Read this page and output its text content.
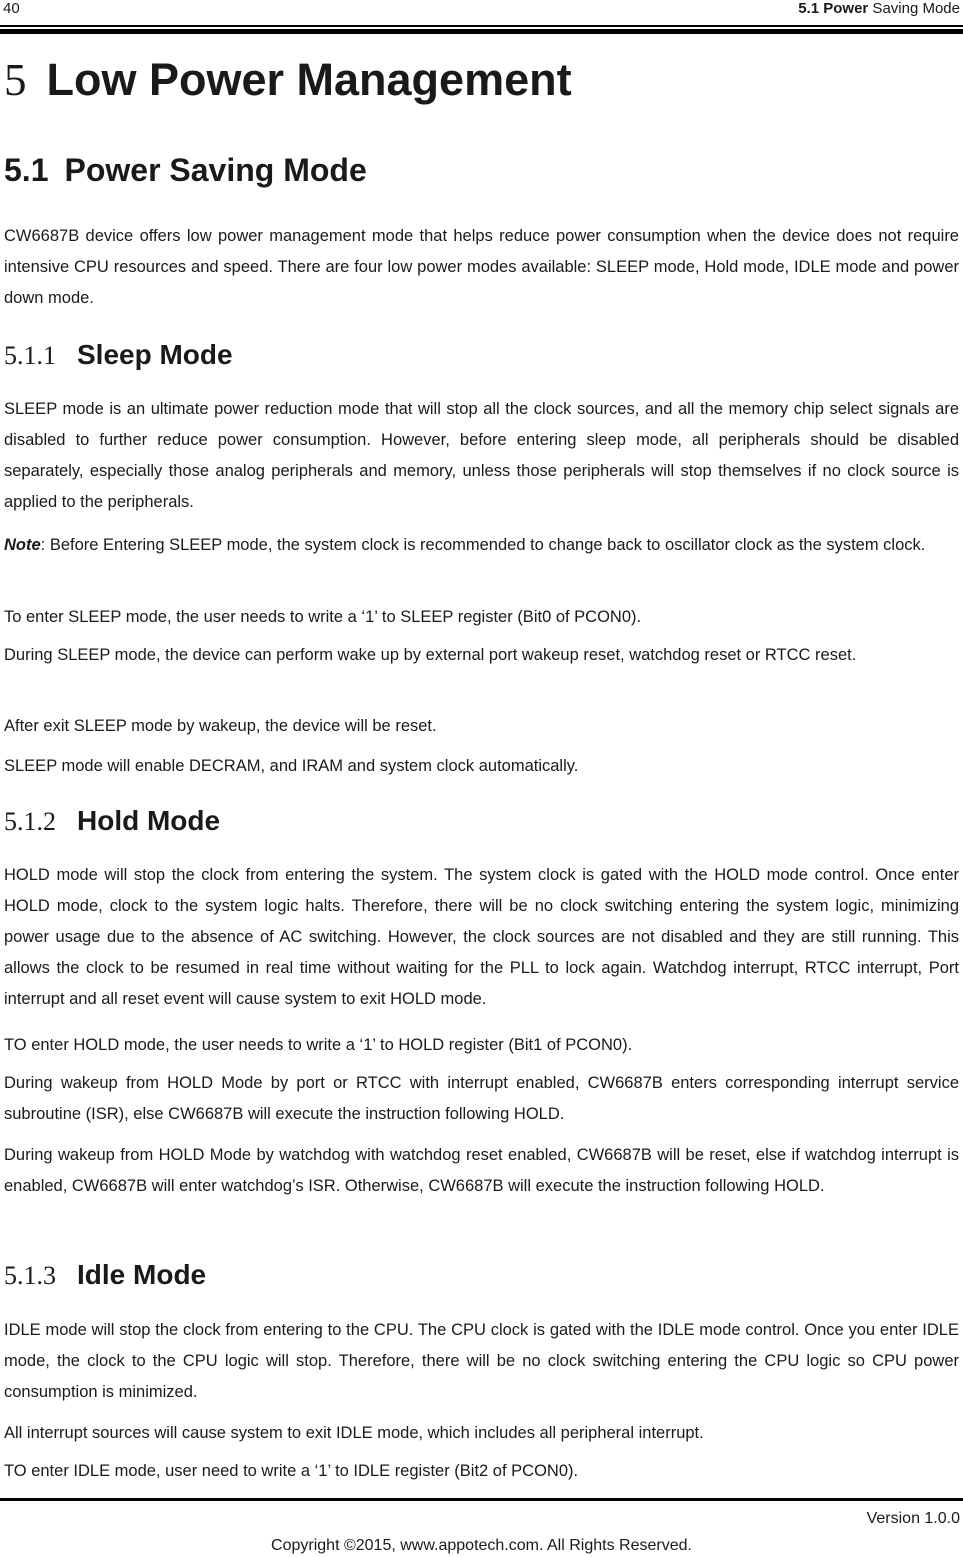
40	5.1 Power Saving Mode
5 Low Power Management
5.1 Power Saving Mode

CW6687B device offers low power management mode that helps reduce power consumption when the device does not require intensive CPU resources and speed. There are four low power modes available: SLEEP mode, Hold mode, IDLE mode and power down mode.

5.1.1 Sleep Mode

SLEEP mode is an ultimate power reduction mode that will stop all the clock sources, and all the memory chip select signals are disabled to further reduce power consumption. However, before entering sleep mode, all peripherals should be disabled separately, especially those analog peripherals and memory, unless those peripherals will stop themselves if no clock source is applied to the peripherals.

Note: Before Entering SLEEP mode, the system clock is recommended to change back to oscillator clock as the system clock.

To enter SLEEP mode, the user needs to write a ‘1’ to SLEEP register (Bit0 of PCON0).

During SLEEP mode, the device can perform wake up by external port wakeup reset, watchdog reset or RTCC reset.

After exit SLEEP mode by wakeup, the device will be reset.

SLEEP mode will enable DECRAM, and IRAM and system clock automatically.

5.1.2 Hold Mode

HOLD mode will stop the clock from entering the system. The system clock is gated with the HOLD mode control. Once enter HOLD mode, clock to the system logic halts. Therefore, there will be no clock switching entering the system logic, minimizing power usage due to the absence of AC switching. However, the clock sources are not disabled and they are still running. This allows the clock to be resumed in real time without waiting for the PLL to lock again. Watchdog interrupt, RTCC interrupt, Port interrupt and all reset event will cause system to exit HOLD mode.

TO enter HOLD mode, the user needs to write a ‘1’ to HOLD register (Bit1 of PCON0).

During wakeup from HOLD Mode by port or RTCC with interrupt enabled, CW6687B enters corresponding interrupt service subroutine (ISR), else CW6687B will execute the instruction following HOLD.

During wakeup from HOLD Mode by watchdog with watchdog reset enabled, CW6687B will be reset, else if watchdog interrupt is enabled, CW6687B will enter watchdog’s ISR. Otherwise, CW6687B will execute the instruction following HOLD.

5.1.3 Idle Mode

IDLE mode will stop the clock from entering to the CPU. The CPU clock is gated with the IDLE mode control. Once you enter IDLE mode, the clock to the CPU logic will stop. Therefore, there will be no clock switching entering the CPU logic so CPU power consumption is minimized.

All interrupt sources will cause system to exit IDLE mode, which includes all peripheral interrupt.

TO enter IDLE mode, user need to write a ‘1’ to IDLE register (Bit2 of PCON0).

Version 1.0.0
Copyright ©2015, www.appotech.com. All Rights Reserved.
